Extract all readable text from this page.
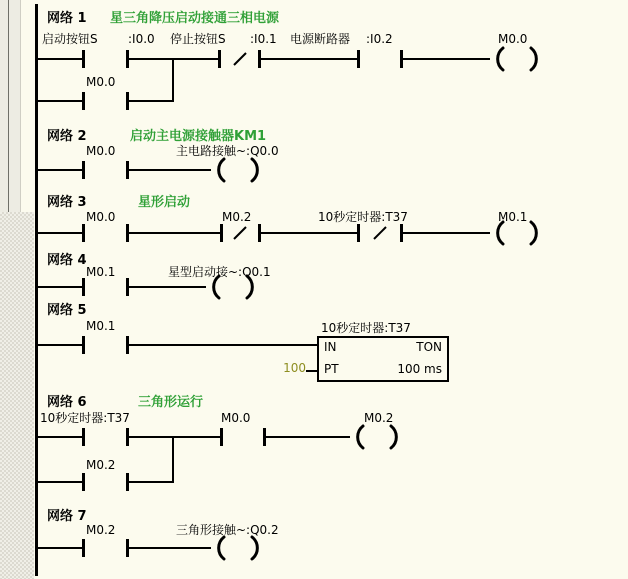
网络 1 星三角降压启动接通三相电源
启动按钮S	:I0.0 停止按钮S :I0.1 电源断路器 :I0.2	M0.0
M0.0
网络 2	启动主电源接触器KM1
M0.0	主电路接触~:Q0.0
网络 3	星形启动
M0.0	M0.2	10秒定时器:T37	M0.1
网络 4
M0.1	星型启动接~:Q0.1
网络 5
M0.1	10秒定时器:T37
IN	TON
PT	100 ms
100
网络 6	三角形运行
10秒定时器:T37	M0.0	M0.2
M0.2
网络 7
M0.2	三角形接触~:Q0.2
